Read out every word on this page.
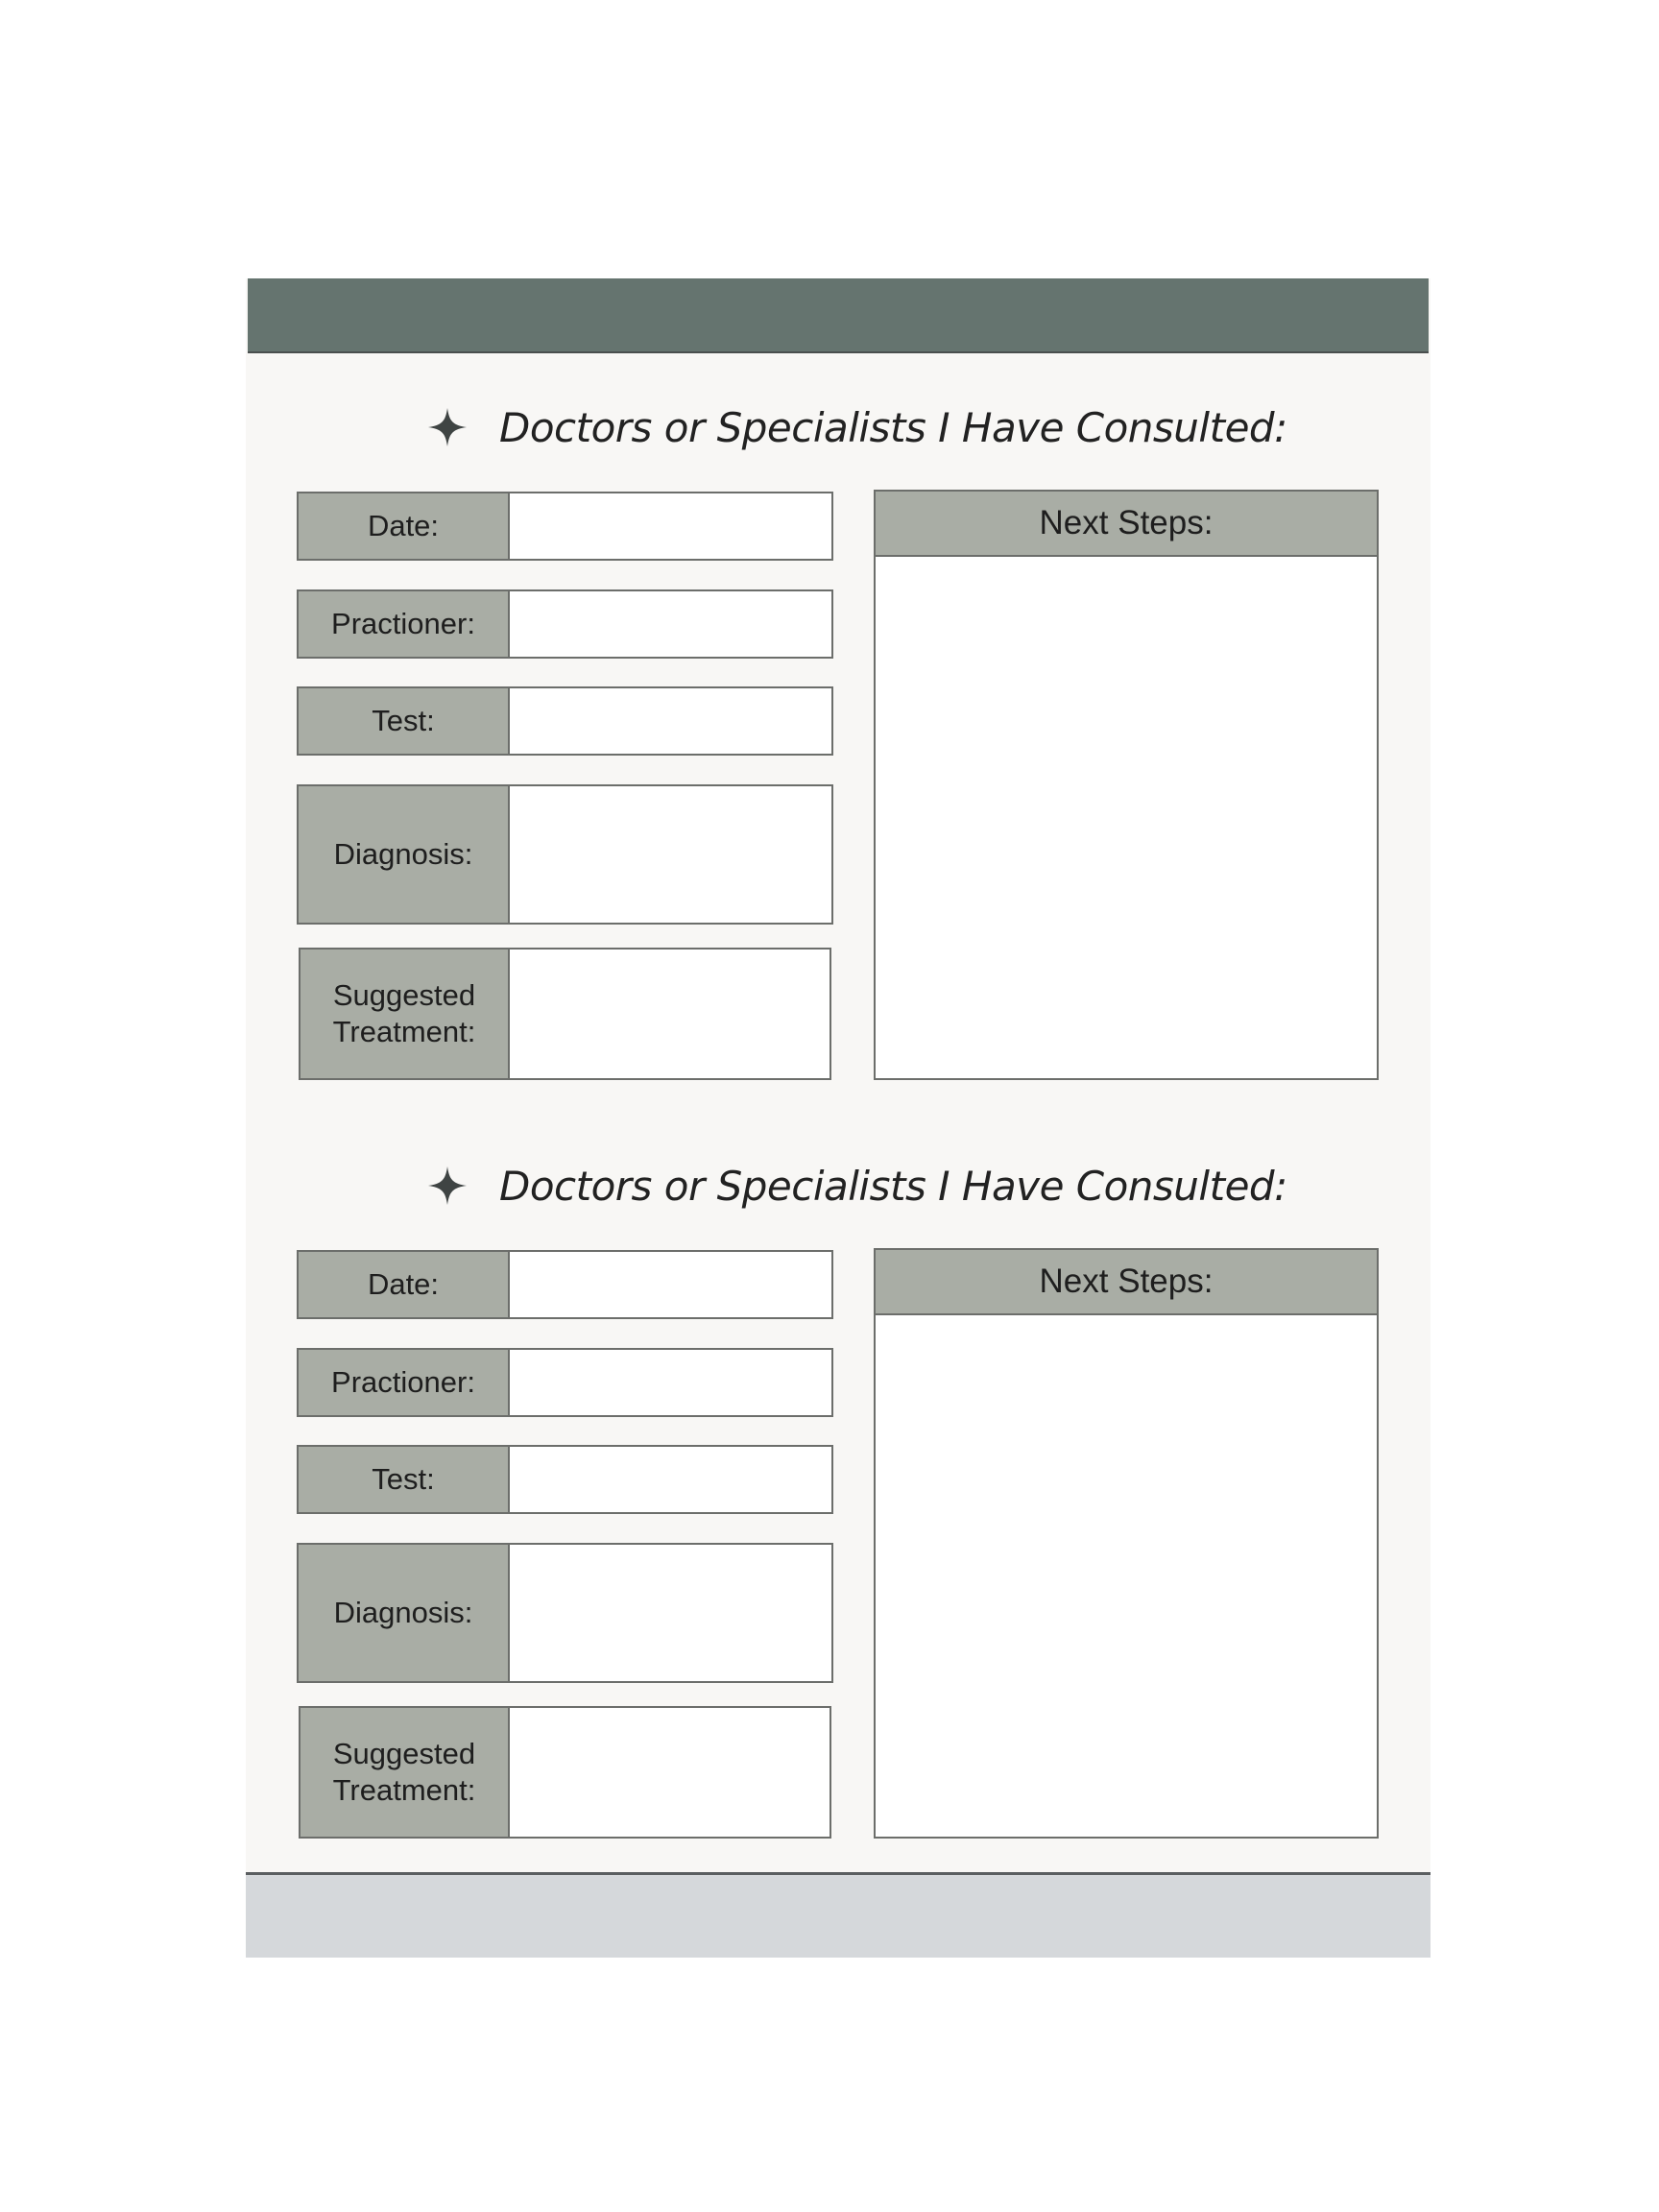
Doctors or Specialists I Have Consulted:
Date:
Practioner:
Test:
Diagnosis:
Suggested
Treatment:
Next Steps:
Doctors or Specialists I Have Consulted:
Date:
Practioner:
Test:
Diagnosis:
Suggested
Treatment:
Next Steps:
